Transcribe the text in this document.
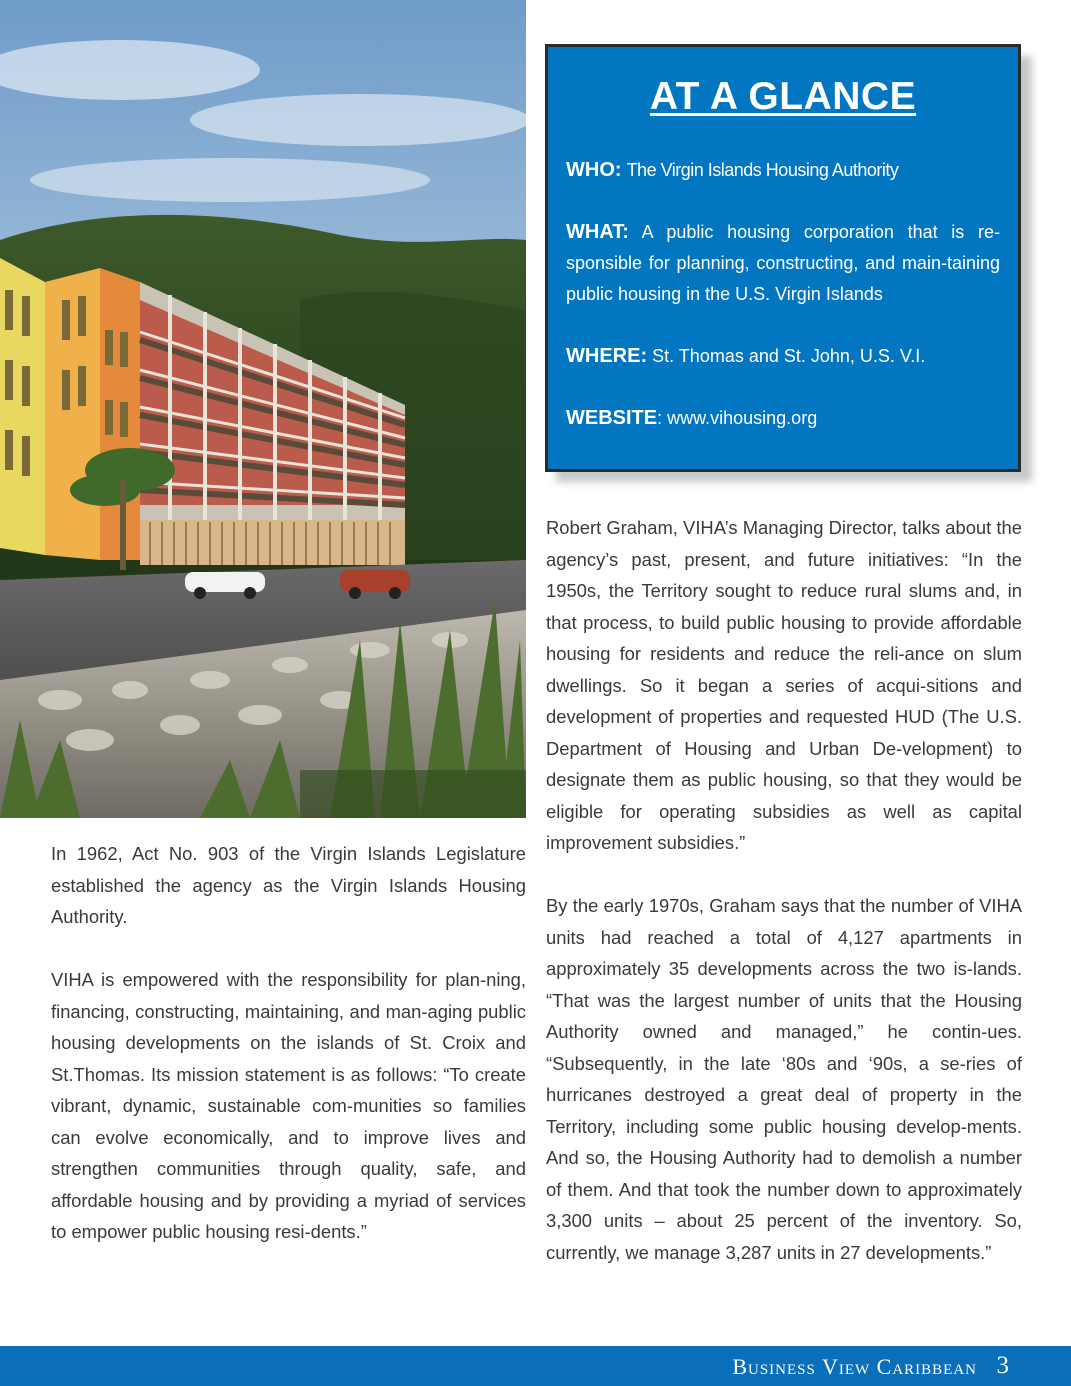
AT A GLANCE
WHO: The Virgin Islands Housing Authority
WHAT: A public housing corporation that is re-sponsible for planning, constructing, and main-taining public housing in the U.S. Virgin Islands
WHERE: St. Thomas and St. John, U.S. V.I.
WEBSITE: www.vihousing.org

In 1962, Act No. 903 of the Virgin Islands Legislature established the agency as the Virgin Islands Housing Authority.

VIHA is empowered with the responsibility for plan-ning, financing, constructing, maintaining, and man-aging public housing developments on the islands of St. Croix and St.Thomas. Its mission statement is as follows: “To create vibrant, dynamic, sustainable com-munities so families can evolve economically, and to improve lives and strengthen communities through quality, safe, and affordable housing and by providing a myriad of services to empower public housing resi-dents.”

Robert Graham, VIHA’s Managing Director, talks about the agency’s past, present, and future initiatives: “In the 1950s, the Territory sought to reduce rural slums and, in that process, to build public housing to provide affordable housing for residents and reduce the reli-ance on slum dwellings. So it began a series of acqui-sitions and development of properties and requested HUD (The U.S. Department of Housing and Urban De-velopment) to designate them as public housing, so that they would be eligible for operating subsidies as well as capital improvement subsidies.”

By the early 1970s, Graham says that the number of VIHA units had reached a total of 4,127 apartments in approximately 35 developments across the two is-lands. “That was the largest number of units that the Housing Authority owned and managed,” he contin-ues. “Subsequently, in the late ‘80s and ‘90s, a se-ries of hurricanes destroyed a great deal of property in the Territory, including some public housing develop-ments. And so, the Housing Authority had to demolish a number of them. And that took the number down to approximately 3,300 units – about 25 percent of the inventory. So, currently, we manage 3,287 units in 27 developments.”

Business View Caribbean 3
